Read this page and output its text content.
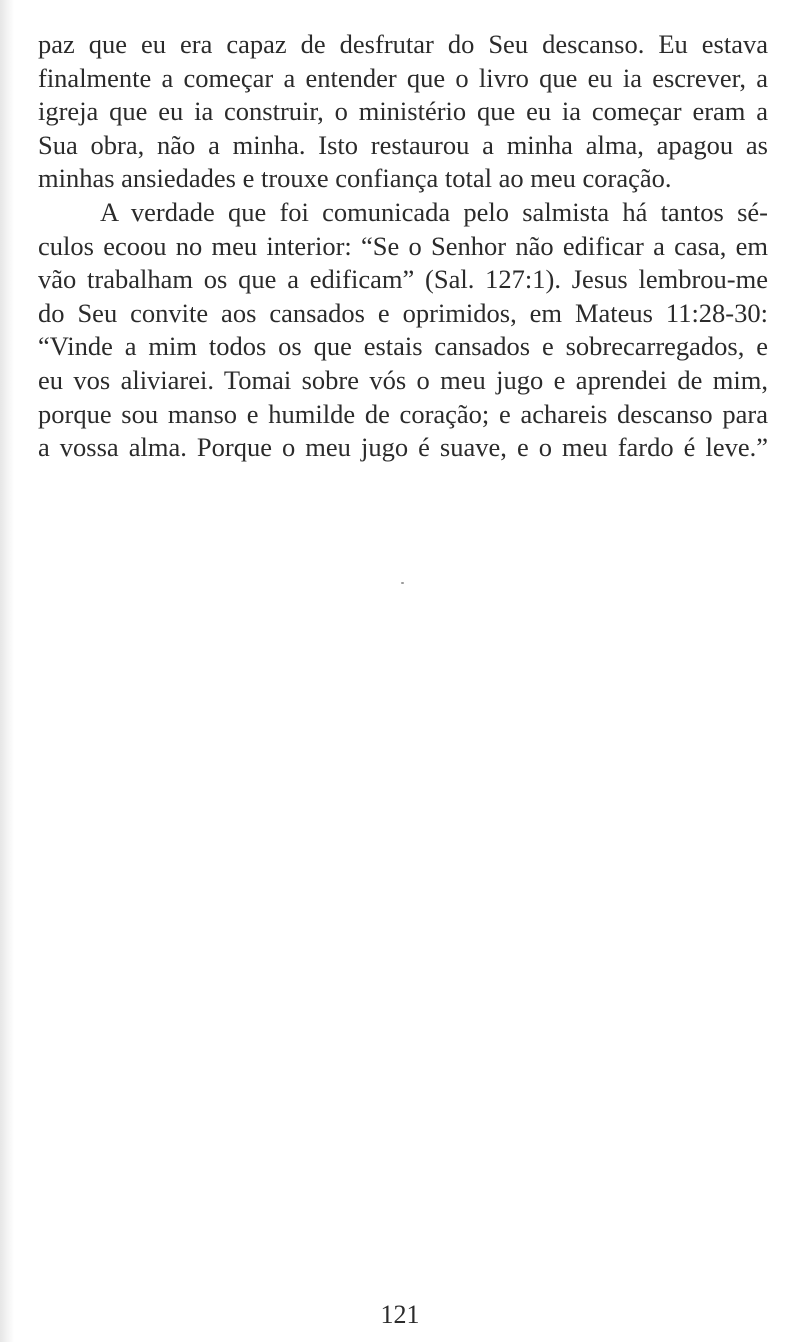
paz que eu era capaz de desfrutar do Seu descanso. Eu estava
finalmente a começar a entender que o livro que eu ia escrever, a
igreja que eu ia construir, o ministério que eu ia começar eram a
Sua obra, não a minha. Isto restaurou a minha alma, apagou as
minhas ansiedades e trouxe confiança total ao meu coração.
A verdade que foi comunicada pelo salmista há tantos sé-
culos ecoou no meu interior: “Se o Senhor não edificar a casa, em
vão trabalham os que a edificam” (Sal. 127:1). Jesus lembrou-me
do Seu convite aos cansados e oprimidos, em Mateus 11:28-30:
“Vinde a mim todos os que estais cansados e sobrecarregados, e
eu vos aliviarei. Tomai sobre vós o meu jugo e aprendei de mim,
porque sou manso e humilde de coração; e achareis descanso para
a vossa alma. Porque o meu jugo é suave, e o meu fardo é leve.”
121
